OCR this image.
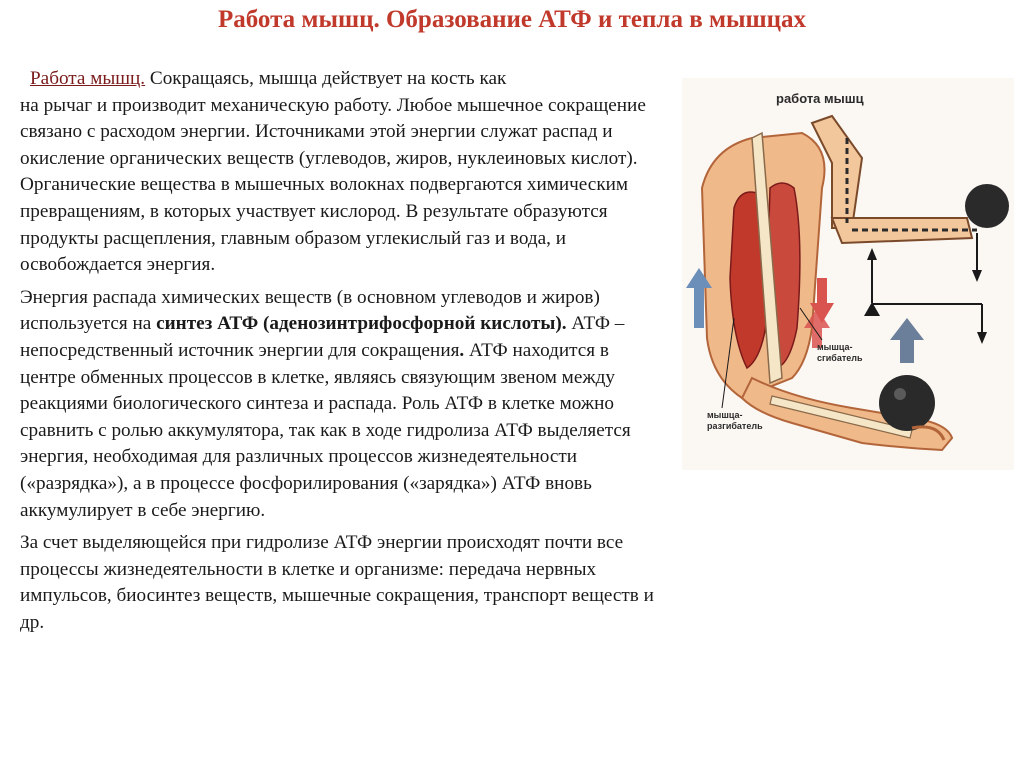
Работа мышц. Образование АТФ и тепла в мышцах

Работа мышц. Сокращаясь, мышца действует на кость как

на рычаг и производит механическую работу. Любое мышечное сокращение связано с расходом энергии. Источниками этой энергии служат распад и окисление органических веществ (углеводов, жиров, нуклеиновых кислот). Органические вещества в мышечных волокнах подвергаются химическим превращениям, в которых участвует кислород. В результате образуются продукты расщепления, главным образом углекислый газ и вода, и освобождается энергия.

Энергия распада химических веществ (в основном углеводов и жиров) используется на синтез АТФ (аденозинтрифосфорной кислоты). АТФ – непосредственный источник энергии для сокращения. АТФ находится в центре обменных процессов в клетке, являясь связующим звеном между реакциями биологического синтеза и распада. Роль АТФ в клетке можно сравнить с ролью аккумулятора, так как в ходе гидролиза АТФ выделяется энергия, необходимая для различных процессов жизнедеятельности («разрядка»), а в процессе фосфорилирования («зарядка») АТФ вновь аккумулирует в себе энергию.

За счет выделяющейся при гидролизе АТФ энергии происходят почти все процессы жизнедеятельности в клетке и организме: передача нервных импульсов, биосинтез веществ, мышечные сокращения, транспорт веществ и др.

работа мышц
мышца-
сгибатель
мышца-
разгибатель
